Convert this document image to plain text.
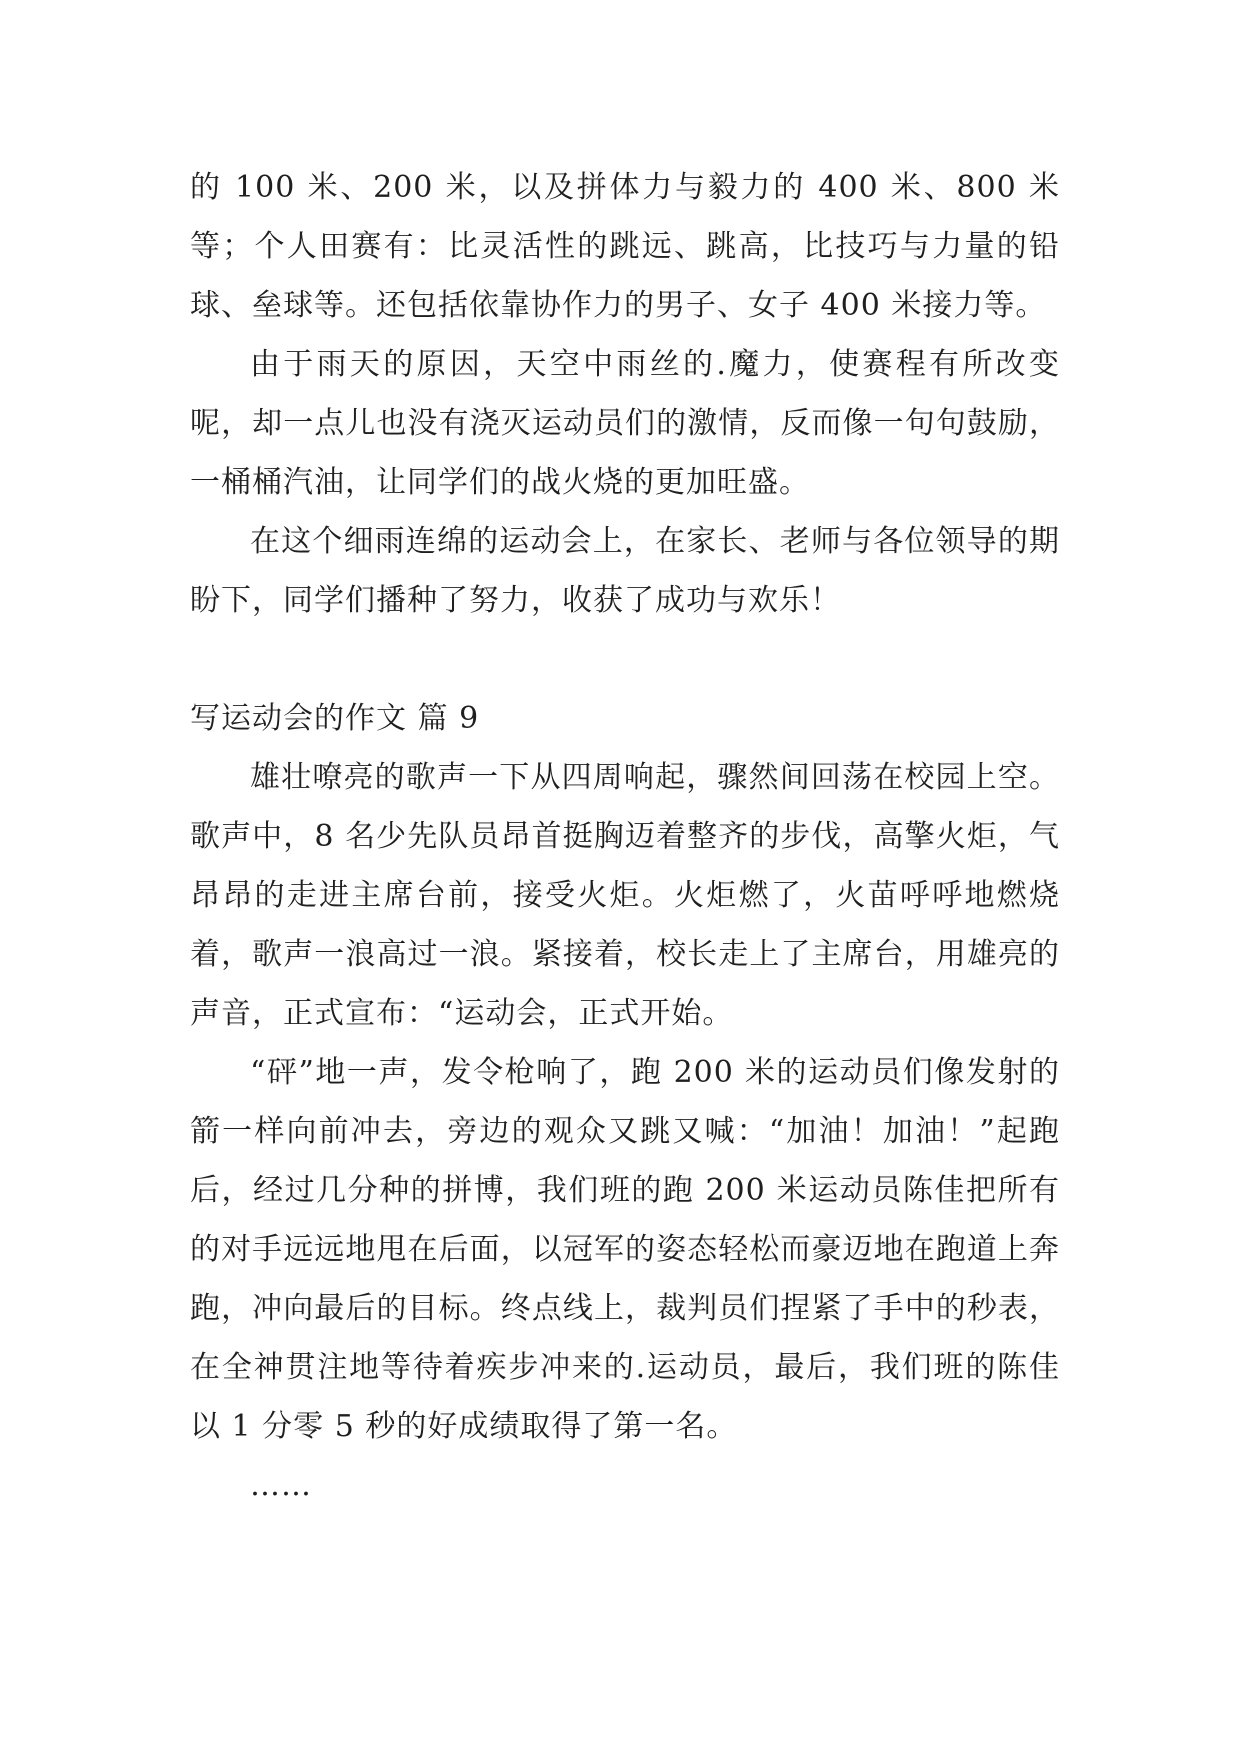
的 100 米、200 米，以及拼体力与毅力的 400 米、800 米等；个人田赛有：比灵活性的跳远、跳高，比技巧与力量的铅球、垒球等。还包括依靠协作力的男子、女子 400 米接力等。

由于雨天的原因，天空中雨丝的.魔力，使赛程有所改变呢，却一点儿也没有浇灭运动员们的激情，反而像一句句鼓励，一桶桶汽油，让同学们的战火烧的更加旺盛。

在这个细雨连绵的运动会上，在家长、老师与各位领导的期盼下，同学们播种了努力，收获了成功与欢乐！

写运动会的作文 篇 9

雄壮嘹亮的歌声一下从四周响起，骤然间回荡在校园上空。歌声中，8 名少先队员昂首挺胸迈着整齐的步伐，高擎火炬，气昂昂的走进主席台前，接受火炬。火炬燃了，火苗呼呼地燃烧着，歌声一浪高过一浪。紧接着，校长走上了主席台，用雄亮的声音，正式宣布：“运动会，正式开始。

“砰”地一声，发令枪响了，跑 200 米的运动员们像发射的箭一样向前冲去，旁边的观众又跳又喊：“加油！加油！”起跑后，经过几分种的拼博，我们班的跑 200 米运动员陈佳把所有的对手远远地甩在后面，以冠军的姿态轻松而豪迈地在跑道上奔跑，冲向最后的目标。终点线上，裁判员们捏紧了手中的秒表，在全神贯注地等待着疾步冲来的.运动员，最后，我们班的陈佳以 1 分零 5 秒的好成绩取得了第一名。

……
